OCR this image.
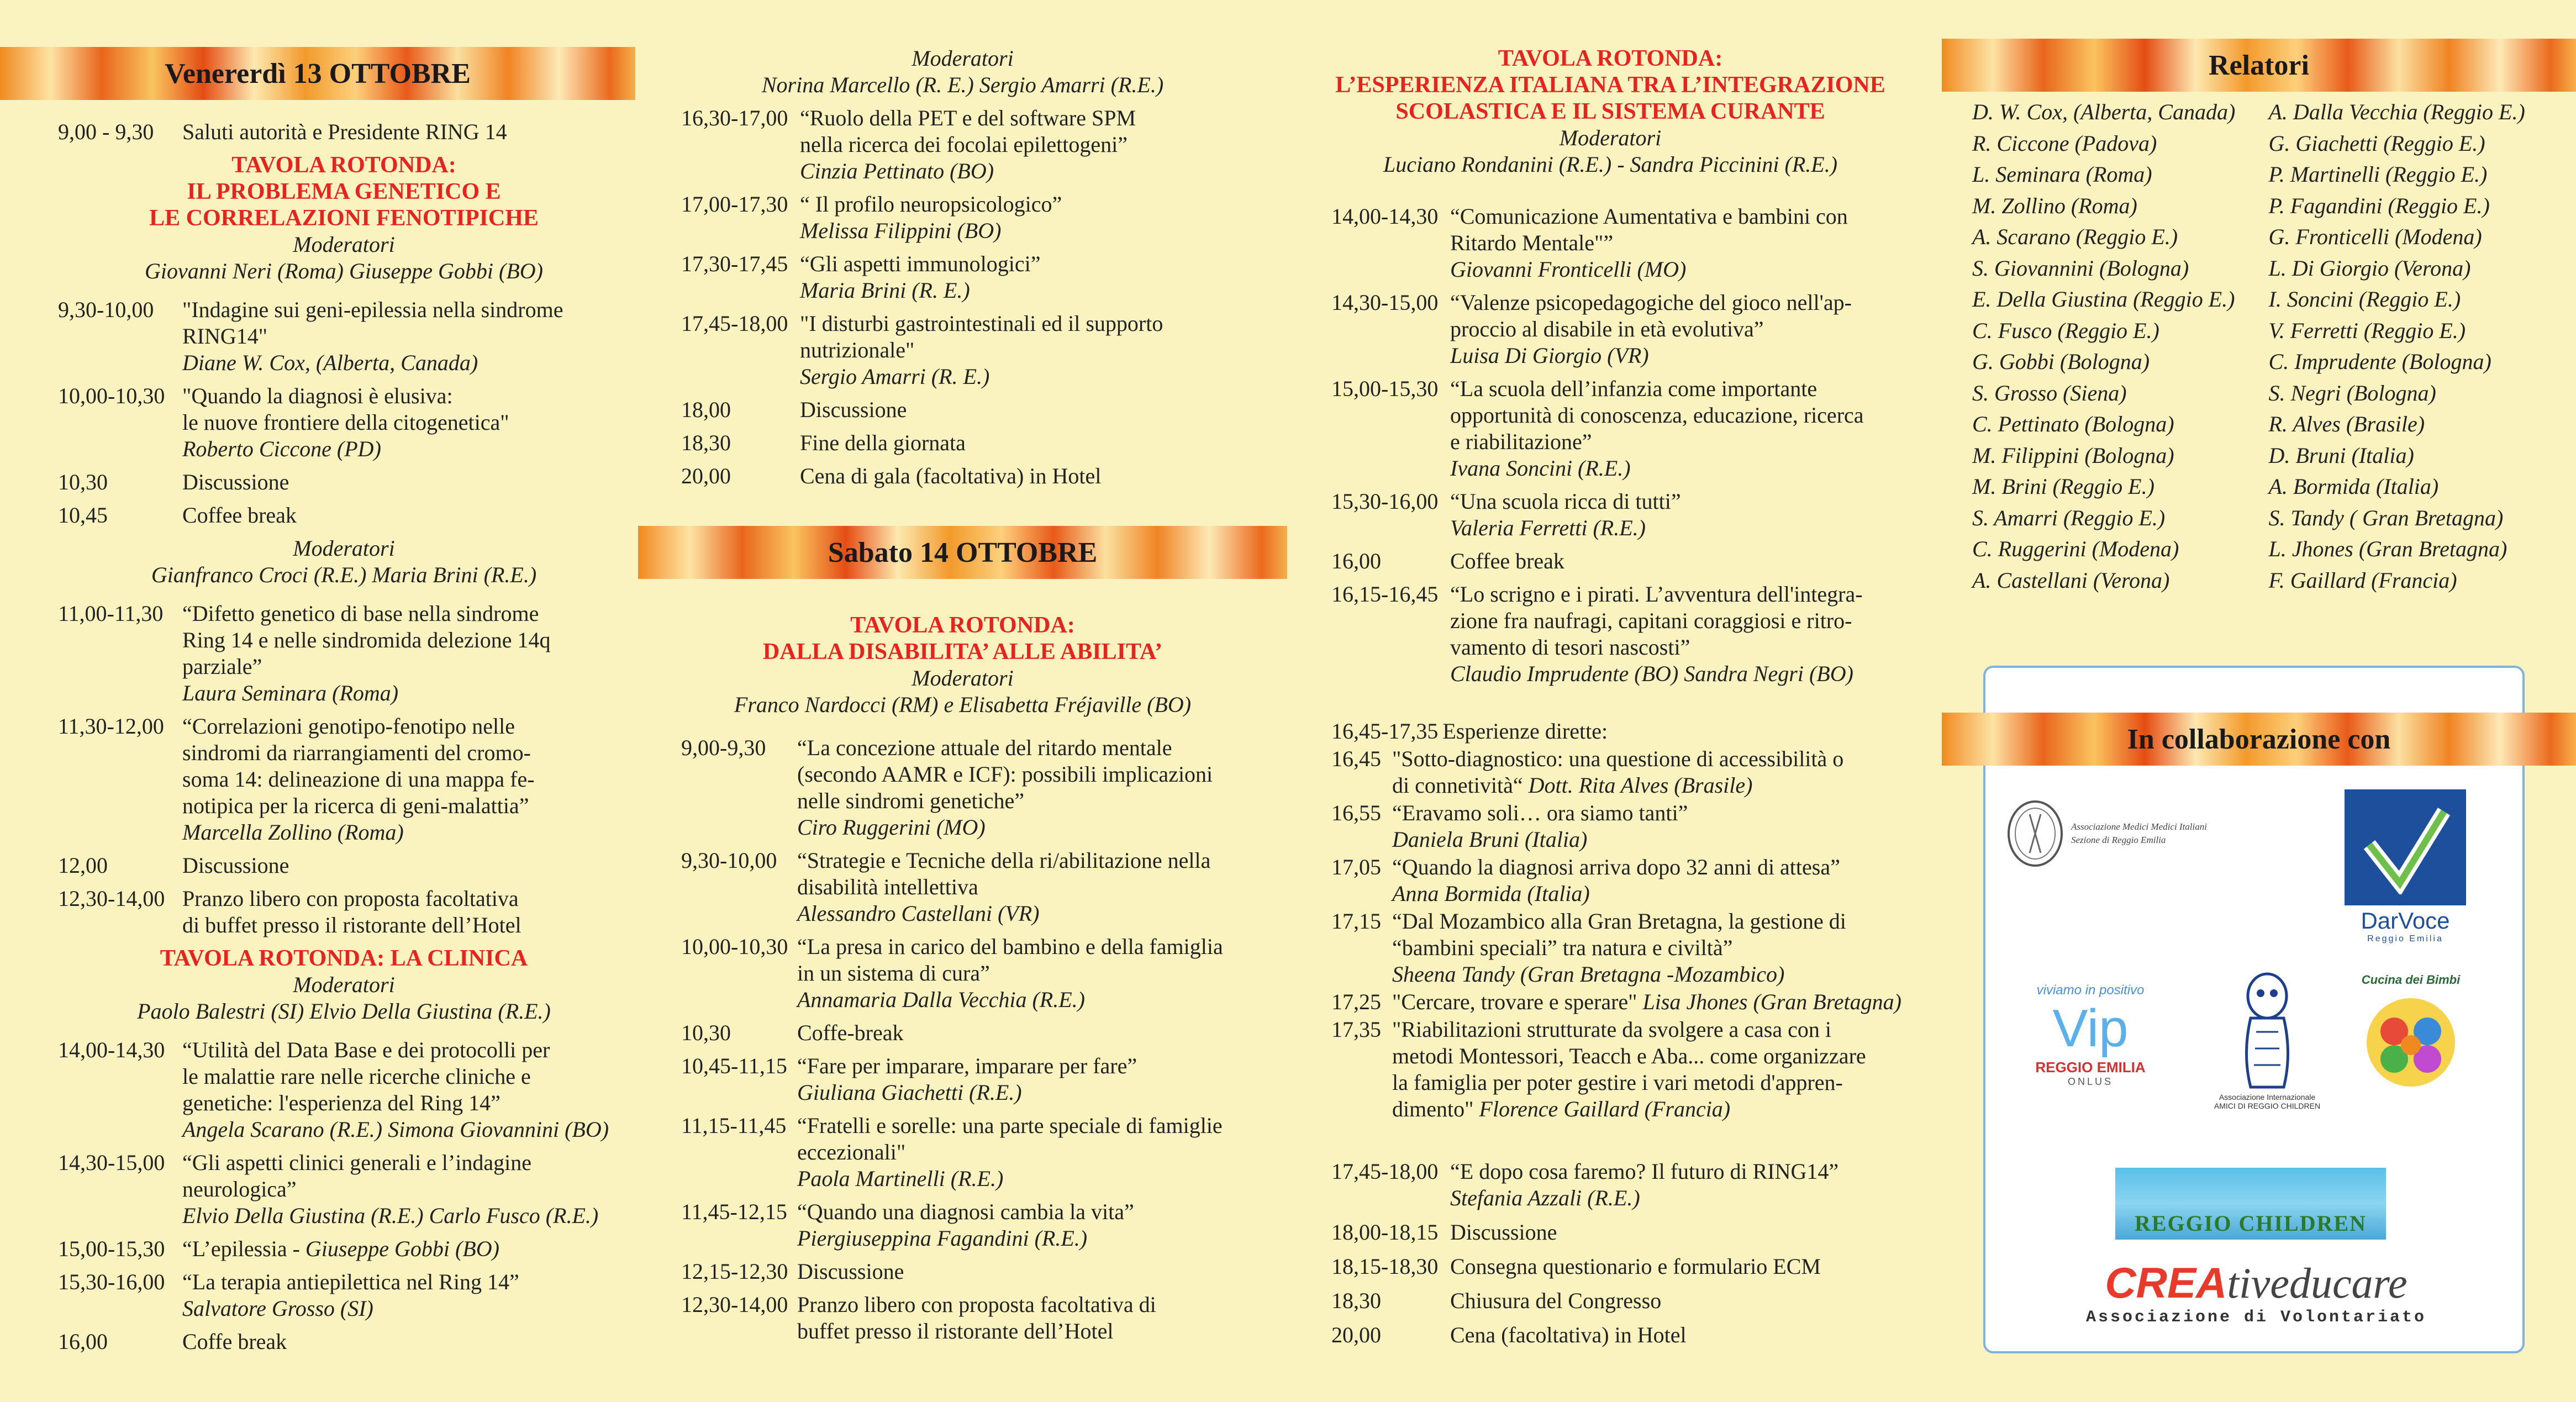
Venererdì 13 OTTOBRE
9,00 - 9,30	Saluti autorità e Presidente RING 14
TAVOLA ROTONDA:
IL PROBLEMA GENETICO E
LE CORRELAZIONI FENOTIPICHE
Moderatori
Giovanni Neri (Roma) Giuseppe Gobbi (BO)
9,30-10,00	"Indagine sui geni-epilessia nella sindrome
RING14"
Diane W. Cox, (Alberta, Canada)
10,00-10,30 "Quando la diagnosi è elusiva:
le nuove frontiere della citogenetica"
Roberto Ciccone (PD)
10,30	Discussione
10,45	Coffee break
Moderatori
Gianfranco Croci (R.E.) Maria Brini (R.E.)
11,00-11,30 “Difetto genetico di base nella sindrome
Ring 14 e nelle sindromida delezione 14q
parziale”
Laura Seminara (Roma)
11,30-12,00 “Correlazioni genotipo-fenotipo nelle
sindromi da riarrangiamenti del cromo-
soma 14: delineazione di una mappa fe-
notipica per la ricerca di geni-malattia”
Marcella Zollino (Roma)
12,00	Discussione
12,30-14,00 Pranzo libero con proposta facoltativa
di buffet presso il ristorante dell’Hotel
TAVOLA ROTONDA: LA CLINICA
Moderatori
Paolo Balestri (SI) Elvio Della Giustina (R.E.)
14,00-14,30 “Utilità del Data Base e dei protocolli per
le malattie rare nelle ricerche cliniche e
genetiche: l'esperienza del Ring 14”
Angela Scarano (R.E.) Simona Giovannini (BO)
14,30-15,00 “Gli aspetti clinici generali e l’indagine
neurologica”
Elvio Della Giustina (R.E.) Carlo Fusco (R.E.)
15,00-15,30 “L’epilessia - Giuseppe Gobbi (BO)
15,30-16,00 “La terapia antiepilettica nel Ring 14”
Salvatore Grosso (SI)
16,00	Coffe break
Moderatori
Norina Marcello (R. E.) Sergio Amarri (R.E.)
16,30-17,00 “Ruolo della PET e del software SPM
nella ricerca dei focolai epilettogeni”
Cinzia Pettinato (BO)
17,00-17,30 “ Il profilo neuropsicologico”
Melissa Filippini (BO)
17,30-17,45 “Gli aspetti immunologici”
Maria Brini (R. E.)
17,45-18,00 "I disturbi gastrointestinali ed il supporto
nutrizionale"
Sergio Amarri (R. E.)
18,00	Discussione
18,30	Fine della giornata
20,00	Cena di gala (facoltativa) in Hotel
Sabato 14 OTTOBRE
TAVOLA ROTONDA:
DALLA DISABILITA’ ALLE ABILITA’
Moderatori
Franco Nardocci (RM) e Elisabetta Fréjaville (BO)
9,00-9,30	“La concezione attuale del ritardo mentale
(secondo AAMR e ICF): possibili implicazioni
nelle sindromi genetiche”
Ciro Ruggerini (MO)
9,30-10,00 “Strategie e Tecniche della ri/abilitazione nella
disabilità intellettiva
Alessandro Castellani (VR)
10,00-10,30 “La presa in carico del bambino e della famiglia
in un sistema di cura”
Annamaria Dalla Vecchia (R.E.)
10,30	Coffe-break
10,45-11,15 “Fare per imparare, imparare per fare”
Giuliana Giachetti (R.E.)
11,15-11,45 “Fratelli e sorelle: una parte speciale di famiglie
eccezionali"
Paola Martinelli (R.E.)
11,45-12,15 “Quando una diagnosi cambia la vita”
Piergiuseppina Fagandini (R.E.)
12,15-12,30 Discussione
12,30-14,00 Pranzo libero con proposta facoltativa di
buffet presso il ristorante dell’Hotel
TAVOLA ROTONDA:
L’ESPERIENZA ITALIANA TRA L’INTEGRAZIONE
SCOLASTICA E IL SISTEMA CURANTE
Moderatori
Luciano Rondanini (R.E.) - Sandra Piccinini (R.E.)
14,00-14,30 “Comunicazione Aumentativa e bambini con
Ritardo Mentale"”
Giovanni Fronticelli (MO)
14,30-15,00 “Valenze psicopedagogiche del gioco nell'ap-
proccio al disabile in età evolutiva”
Luisa Di Giorgio (VR)
15,00-15,30 “La scuola dell’infanzia come importante
opportunità di conoscenza, educazione, ricerca
e riabilitazione”
Ivana Soncini (R.E.)
15,30-16,00 “Una scuola ricca di tutti”
Valeria Ferretti (R.E.)
16,00	Coffee break
16,15-16,45 “Lo scrigno e i pirati. L’avventura dell'integra-
zione fra naufragi, capitani coraggiosi e ritro-
vamento di tesori nascosti”
Claudio Imprudente (BO) Sandra Negri (BO)
16,45-17,35 Esperienze dirette:
16,45 "Sotto-diagnostico: una questione di accessibilità o
di connetività“ Dott. Rita Alves (Brasile)
16,55 “Eravamo soli… ora siamo tanti”
Daniela Bruni (Italia)
17,05 “Quando la diagnosi arriva dopo 32 anni di attesa”
Anna Bormida (Italia)
17,15 “Dal Mozambico alla Gran Bretagna, la gestione di
“bambini speciali” tra natura e civiltà”
Sheena Tandy (Gran Bretagna -Mozambico)
17,25 "Cercare, trovare e sperare" Lisa Jhones (Gran Bretagna)
17,35 "Riabilitazioni strutturate da svolgere a casa con i
metodi Montessori, Teacch e Aba... come organizzare
la famiglia per poter gestire i vari metodi d'appren-
dimento" Florence Gaillard (Francia)
17,45-18,00 “E dopo cosa faremo? Il futuro di RING14”
Stefania Azzali (R.E.)
18,00-18,15 Discussione
18,15-18,30 Consegna questionario e formulario ECM
18,30	Chiusura del Congresso
20,00	Cena (facoltativa) in Hotel
Relatori
D. W. Cox, (Alberta, Canada)
R. Ciccone (Padova)
L. Seminara (Roma)
M. Zollino (Roma)
A. Scarano (Reggio E.)
S. Giovannini (Bologna)
E. Della Giustina (Reggio E.)
C. Fusco (Reggio E.)
G. Gobbi (Bologna)
S. Grosso (Siena)
C. Pettinato (Bologna)
M. Filippini (Bologna)
M. Brini (Reggio E.)
S. Amarri (Reggio E.)
C. Ruggerini (Modena)
A. Castellani (Verona)
A. Dalla Vecchia (Reggio E.)
G. Giachetti (Reggio E.)
P. Martinelli (Reggio E.)
P. Fagandini (Reggio E.)
G. Fronticelli (Modena)
L. Di Giorgio (Verona)
I. Soncini (Reggio E.)
V. Ferretti (Reggio E.)
C. Imprudente (Bologna)
S. Negri (Bologna)
R. Alves (Brasile)
D. Bruni (Italia)
A. Bormida (Italia)
S. Tandy ( Gran Bretagna)
L. Jhones (Gran Bretagna)
F. Gaillard (Francia)
Associazione Medici Medici Italiani
Sezione di Reggio Emilia
DarVoce
Reggio Emilia
viviamo in positivo
Vip
REGGIO EMILIA
ONLUS
Associazione Internazionale
AMICI DI REGGIO CHILDREN
Cucina dei Bimbi
REGGIO CHILDREN
CREAtiveducare
Associazione di Volontariato
In collaborazione con
